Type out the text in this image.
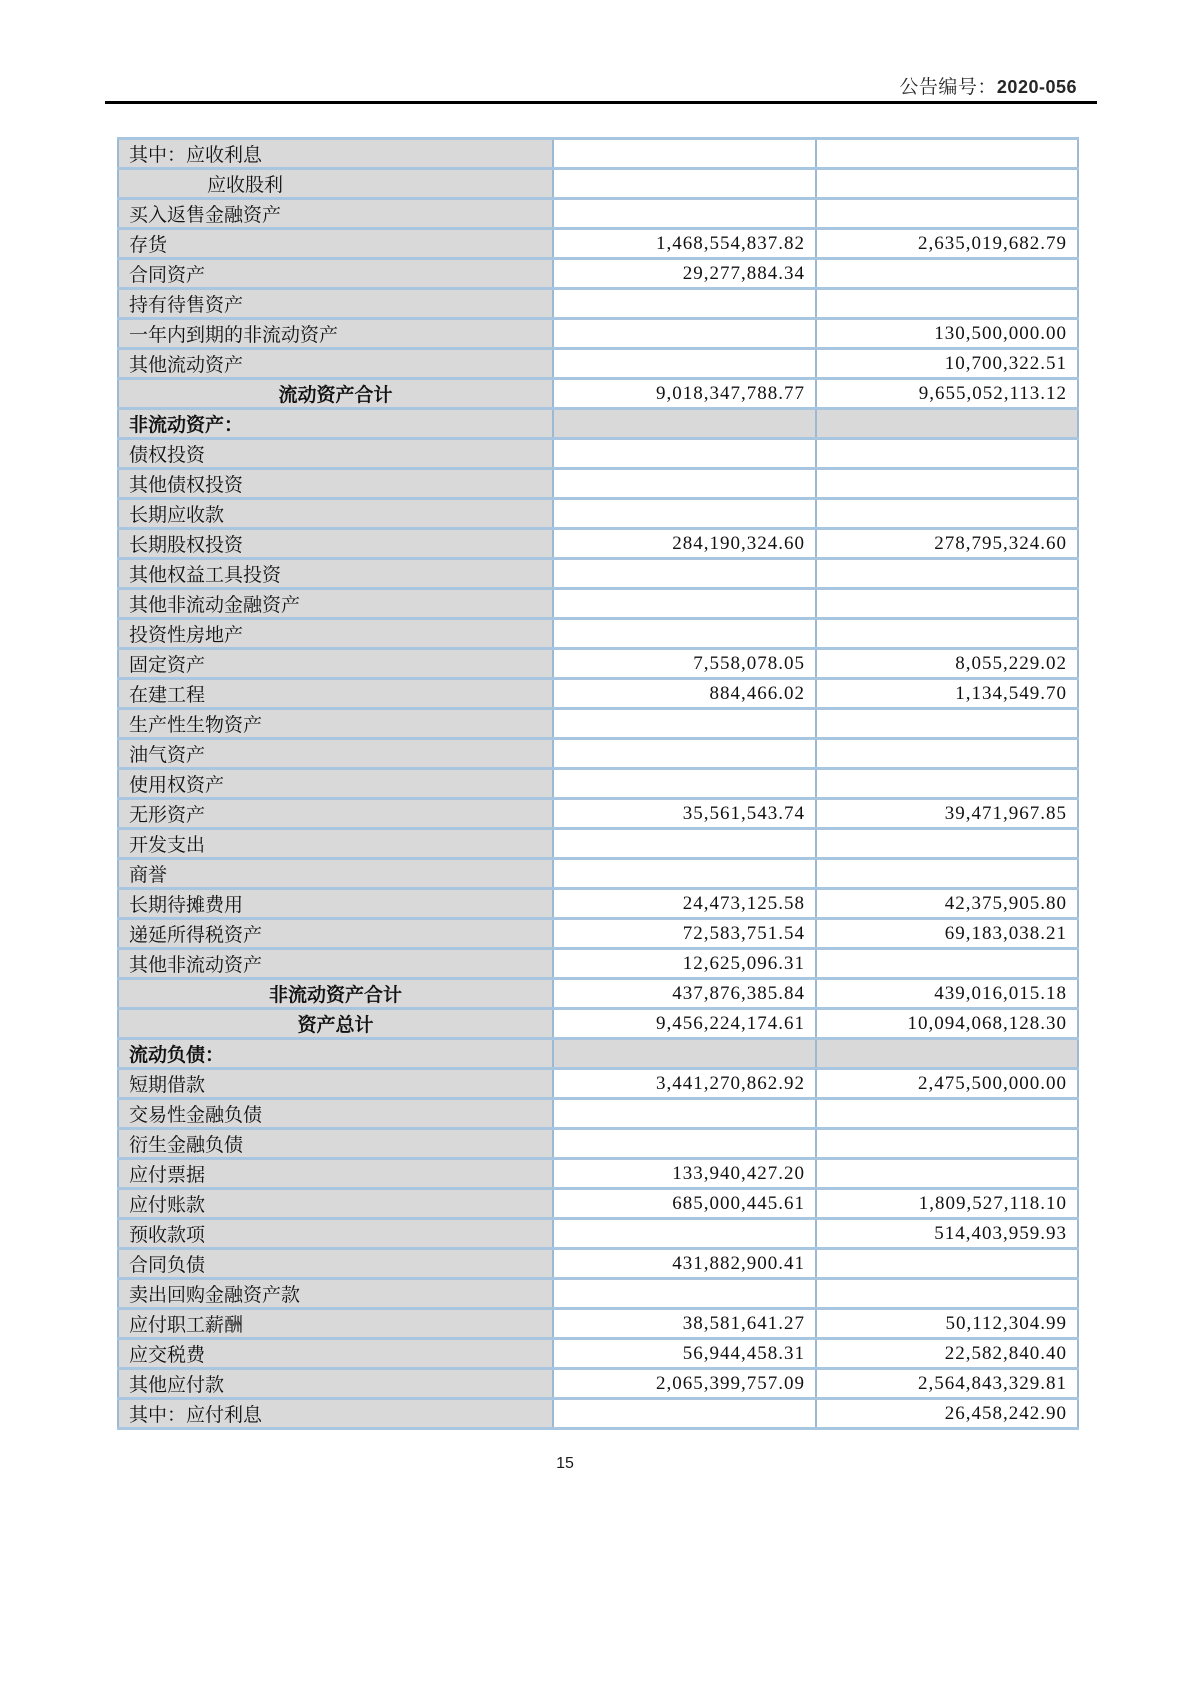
公告编号：2020-056
其中：应收利息		
应收股利		
买入返售金融资产		
存货	1,468,554,837.82	2,635,019,682.79
合同资产	29,277,884.34	
持有待售资产		
一年内到期的非流动资产		130,500,000.00
其他流动资产		10,700,322.51
流动资产合计	9,018,347,788.77	9,655,052,113.12
非流动资产：		
债权投资		
其他债权投资		
长期应收款		
长期股权投资	284,190,324.60	278,795,324.60
其他权益工具投资		
其他非流动金融资产		
投资性房地产		
固定资产	7,558,078.05	8,055,229.02
在建工程	884,466.02	1,134,549.70
生产性生物资产		
油气资产		
使用权资产		
无形资产	35,561,543.74	39,471,967.85
开发支出		
商誉		
长期待摊费用	24,473,125.58	42,375,905.80
递延所得税资产	72,583,751.54	69,183,038.21
其他非流动资产	12,625,096.31	
非流动资产合计	437,876,385.84	439,016,015.18
资产总计	9,456,224,174.61	10,094,068,128.30
流动负债：		
短期借款	3,441,270,862.92	2,475,500,000.00
交易性金融负债		
衍生金融负债		
应付票据	133,940,427.20	
应付账款	685,000,445.61	1,809,527,118.10
预收款项		514,403,959.93
合同负债	431,882,900.41	
卖出回购金融资产款		
应付职工薪酬	38,581,641.27	50,112,304.99
应交税费	56,944,458.31	22,582,840.40
其他应付款	2,065,399,757.09	2,564,843,329.81
其中：应付利息		26,458,242.90
15
